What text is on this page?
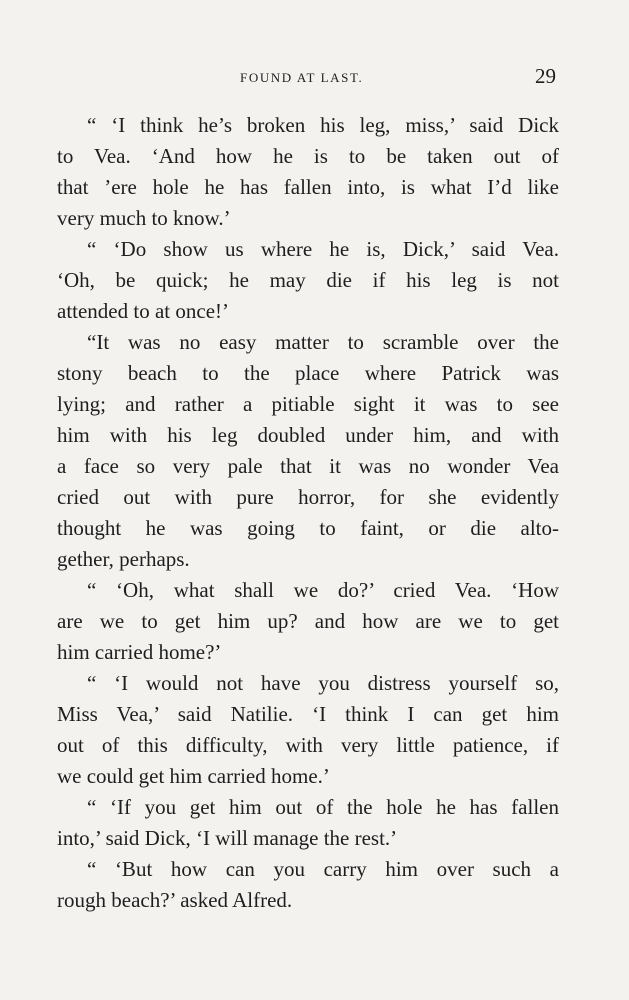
FOUND AT LAST.	29
“ ‘I think he’s broken his leg, miss,’ said Dick
to Vea. ‘And how he is to be taken out of
that ’ere hole he has fallen into, is what I’d like
very much to know.’
“ ‘Do show us where he is, Dick,’ said Vea.
‘Oh, be quick; he may die if his leg is not
attended to at once!’
“It was no easy matter to scramble over the
stony beach to the place where Patrick was
lying; and rather a pitiable sight it was to see
him with his leg doubled under him, and with
a face so very pale that it was no wonder Vea
cried out with pure horror, for she evidently
thought he was going to faint, or die alto-
gether, perhaps.
“ ‘Oh, what shall we do?’ cried Vea. ‘How
are we to get him up? and how are we to get
him carried home?’
“ ‘I would not have you distress yourself so,
Miss Vea,’ said Natilie. ‘I think I can get him
out of this difficulty, with very little patience, if
we could get him carried home.’
“ ‘If you get him out of the hole he has fallen
into,’ said Dick, ‘I will manage the rest.’
“ ‘But how can you carry him over such a
rough beach?’ asked Alfred.
